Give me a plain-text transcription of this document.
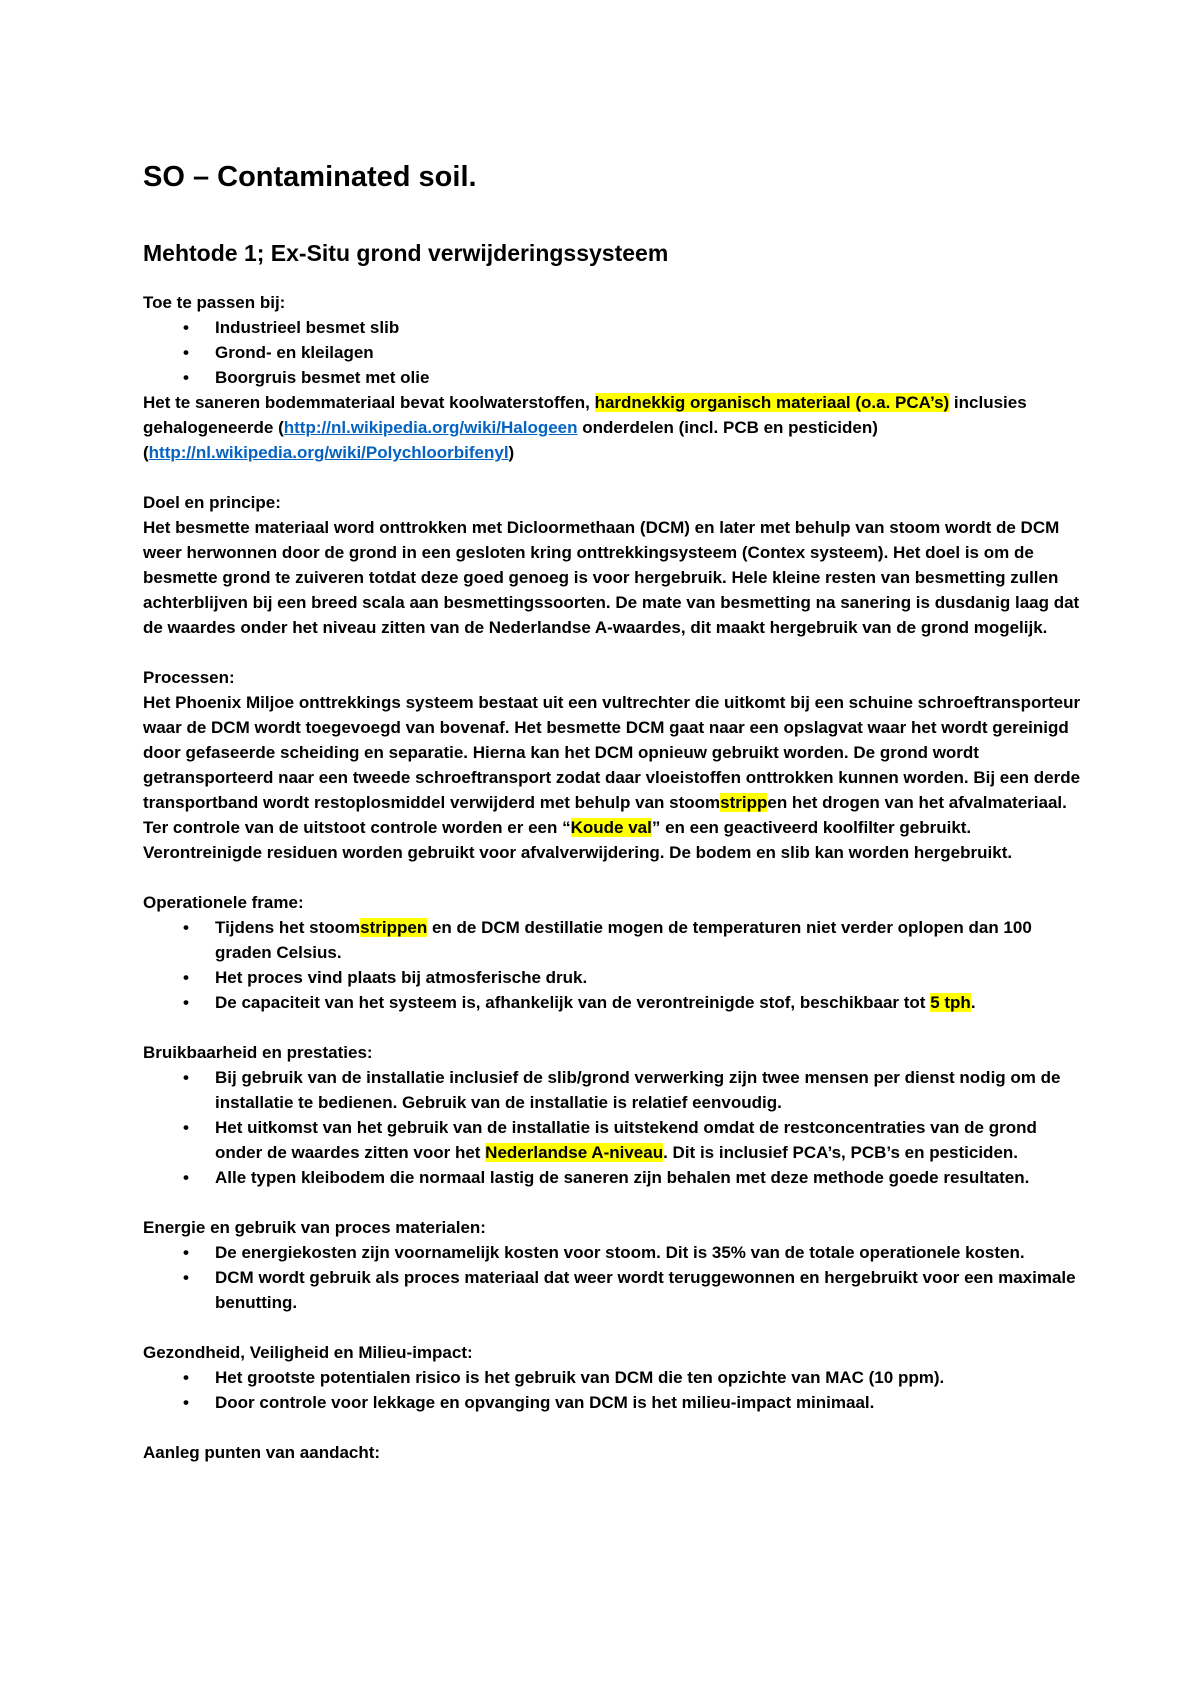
SO – Contaminated soil.
Mehtode 1; Ex-Situ grond verwijderingssysteem
Toe te passen bij:
• Industrieel besmet slib
• Grond- en kleilagen
• Boorgruis besmet met olie

Het te saneren bodemmateriaal bevat koolwaterstoffen, hardnekkig organisch materiaal (o.a. PCA’s) inclusies gehalogeneerde (http://nl.wikipedia.org/wiki/Halogeen onderdelen (incl. PCB en pesticiden) (http://nl.wikipedia.org/wiki/Polychloorbifenyl)

Doel en principe:

Het besmette materiaal word onttrokken met Dicloormethaan (DCM) en later met behulp van stoom wordt de DCM weer herwonnen door de grond in een gesloten kring onttrekkingsysteem (Contex systeem). Het doel is om de besmette grond te zuiveren totdat deze goed genoeg is voor hergebruik. Hele kleine resten van besmetting zullen achterblijven bij een breed scala aan besmettingssoorten. De mate van besmetting na sanering is dusdanig laag dat de waardes onder het niveau zitten van de Nederlandse A-waardes, dit maakt hergebruik van de grond mogelijk.

Processen:

Het Phoenix Miljoe onttrekkings systeem bestaat uit een vultrechter die uitkomt bij een schuine schroeftransporteur waar de DCM wordt toegevoegd van bovenaf. Het besmette DCM gaat naar een opslagvat waar het wordt gereinigd door gefaseerde scheiding en separatie. Hierna kan het DCM opnieuw gebruikt worden. De grond wordt getransporteerd naar een tweede schroeftransport zodat daar vloeistoffen onttrokken kunnen worden. Bij een derde transportband wordt restoplosmiddel verwijderd met behulp van stoomstrippen het drogen van het afvalmateriaal.
Ter controle van de uitstoot controle worden er een “Koude val” en een geactiveerd koolfilter gebruikt. Verontreinigde residuen worden gebruikt voor afvalverwijdering. De bodem en slib kan worden hergebruikt.

Operationele frame:
• Tijdens het stoomstrippen en de DCM destillatie mogen de temperaturen niet verder oplopen dan 100 graden Celsius.
• Het proces vind plaats bij atmosferische druk.
• De capaciteit van het systeem is, afhankelijk van de verontreinigde stof, beschikbaar tot 5 tph.
Bruikbaarheid en prestaties:
• Bij gebruik van de installatie inclusief de slib/grond verwerking zijn twee mensen per dienst nodig om de installatie te bedienen. Gebruik van de installatie is relatief eenvoudig.
• Het uitkomst van het gebruik van de installatie is uitstekend omdat de restconcentraties van de grond onder de waardes zitten voor het Nederlandse A-niveau. Dit is inclusief PCA’s, PCB’s en pesticiden.
• Alle typen kleibodem die normaal lastig de saneren zijn behalen met deze methode goede resultaten.
Energie en gebruik van proces materialen:
• De energiekosten zijn voornamelijk kosten voor stoom. Dit is 35% van de totale operationele kosten.
• DCM wordt gebruik als proces materiaal dat weer wordt teruggewonnen en hergebruikt voor een maximale benutting.
Gezondheid, Veiligheid en Milieu-impact:
• Het grootste potentialen risico is het gebruik van DCM die ten opzichte van MAC (10 ppm).
• Door controle voor lekkage en opvanging van DCM is het milieu-impact minimaal.
Aanleg punten van aandacht:
